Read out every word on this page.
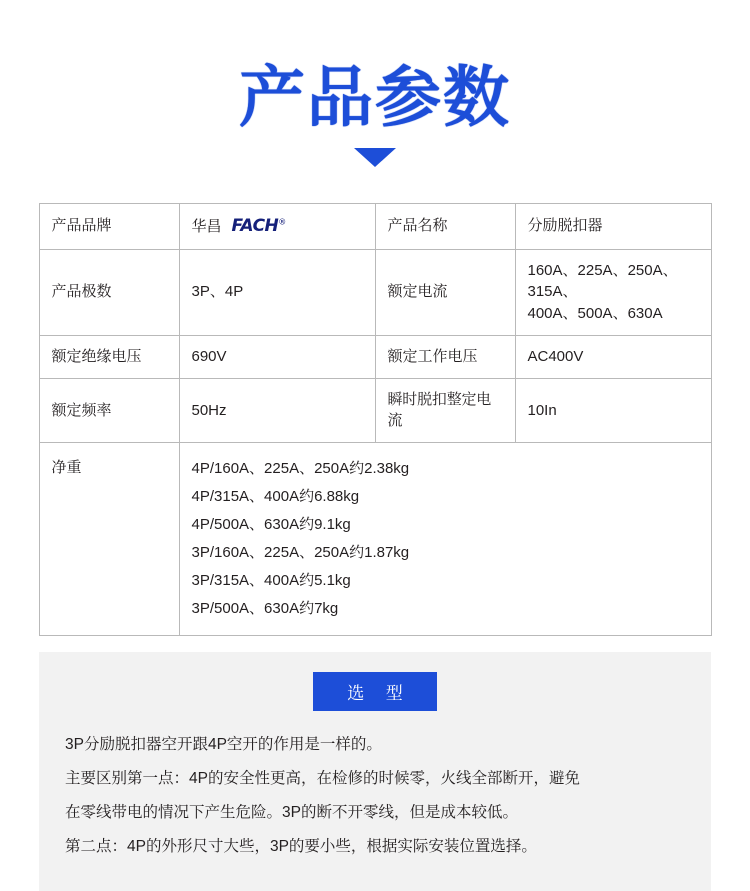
产品参数
产品品牌	华昌 FACH®	产品名称	分励脱扣器
产品极数	3P、4P	额定电流	160A、225A、250A、315A、
400A、500A、630A

额定绝缘电压	690V	额定工作电压	AC400V
额定频率	50Hz	瞬时脱扣整定电流	10In
净重	4P/160A、225A、250A约2.38kg
4P/315A、400A约6.88kg
4P/500A、630A约9.1kg
3P/160A、225A、250A约1.87kg
3P/315A、400A约5.1kg
3P/500A、630A约7kg
选 型

3P分励脱扣器空开跟4P空开的作用是一样的。

主要区别第一点：4P的安全性更高，在检修的时候零，火线全部断开，避免

在零线带电的情况下产生危险。3P的断不开零线，但是成本较低。

第二点：4P的外形尺寸大些，3P的要小些，根据实际安装位置选择。
